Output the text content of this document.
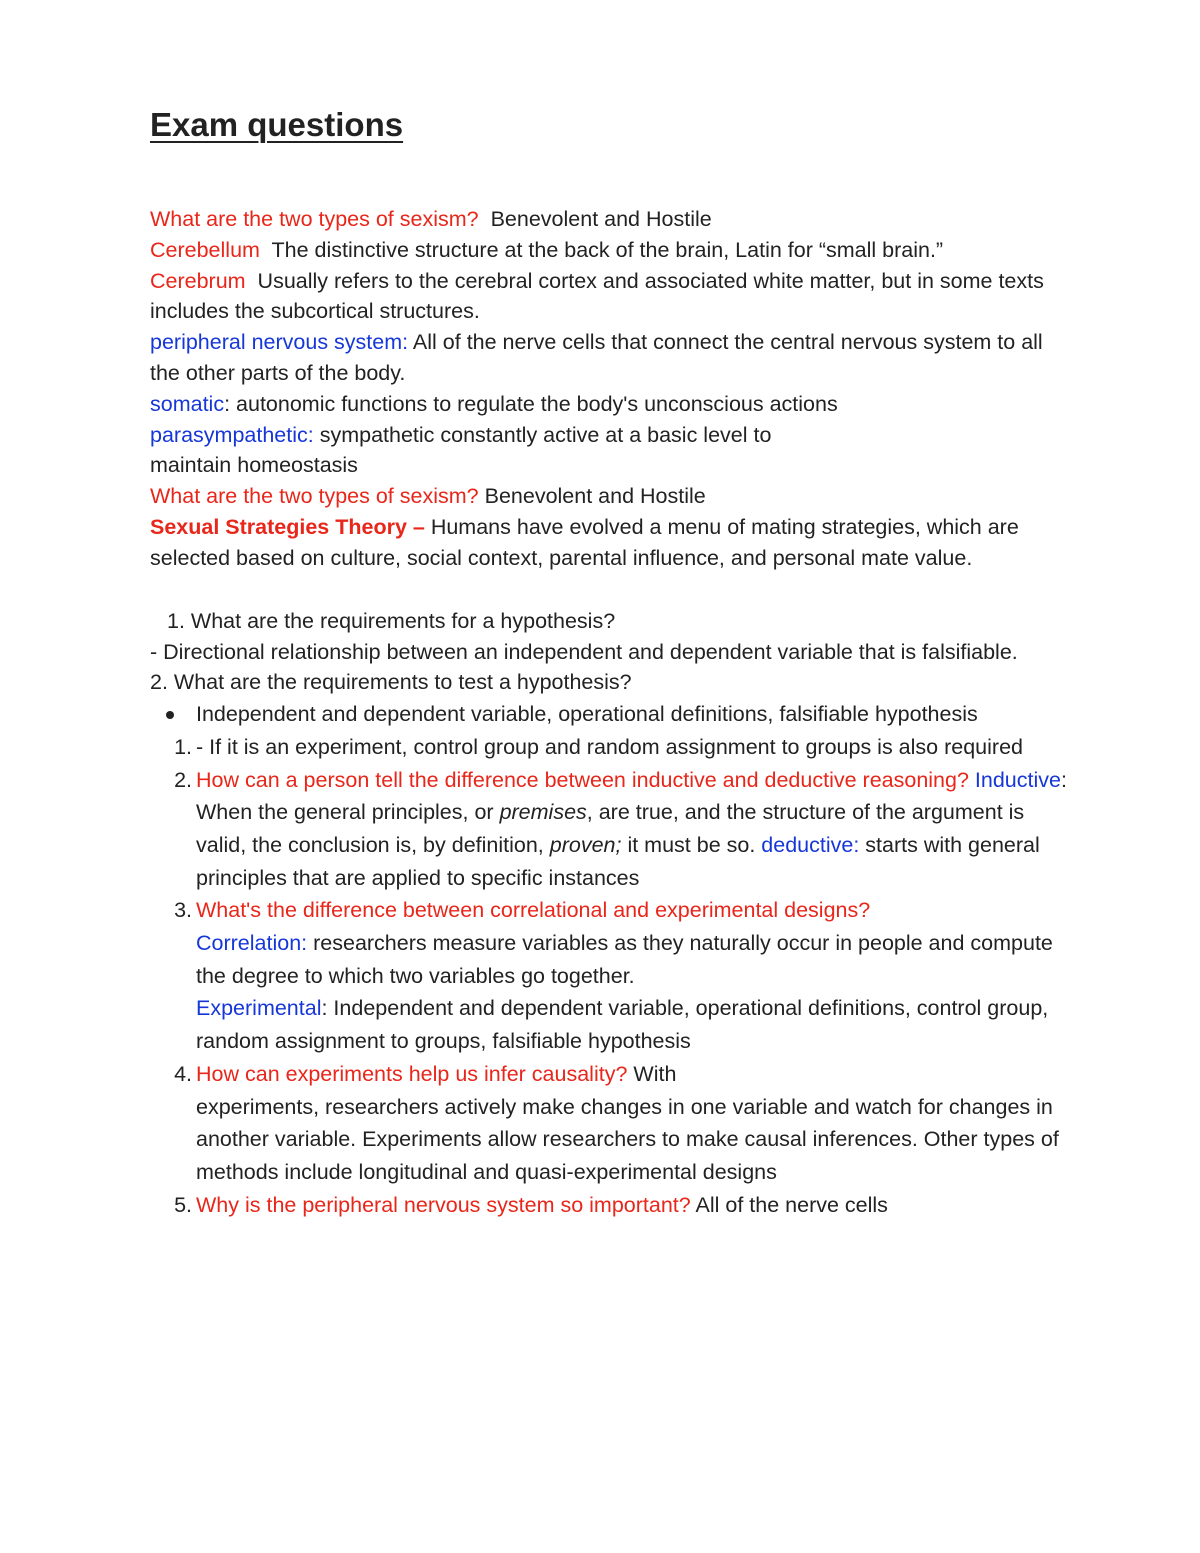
Exam questions

What are the two types of sexism? Benevolent and Hostile

Cerebellum The distinctive structure at the back of the brain, Latin for “small brain.”

Cerebrum Usually refers to the cerebral cortex and associated white matter, but in some texts includes the subcortical structures.

peripheral nervous system: All of the nerve cells that connect the central nervous system to all the other parts of the body.

somatic: autonomic functions to regulate the body's unconscious actions

parasympathetic: sympathetic constantly active at a basic level to
maintain homeostasis

What are the two types of sexism? Benevolent and Hostile

Sexual Strategies Theory – Humans have evolved a menu of mating strategies, which are selected based on culture, social context, parental influence, and personal mate value.

1. What are the requirements for a hypothesis?

- Directional relationship between an independent and dependent variable that is falsifiable.

2. What are the requirements to test a hypothesis?

Independent and dependent variable, operational definitions, falsifiable hypothesis
1. - If it is an experiment, control group and random assignment to groups is also required
2. How can a person tell the difference between inductive and deductive reasoning? Inductive: When the general principles, or premises, are true, and the structure of the argument is valid, the conclusion is, by definition, proven; it must be so. deductive: starts with general principles that are applied to specific instances
3. What's the difference between correlational and experimental designs?
Correlation: researchers measure variables as they naturally occur in people and compute the degree to which two variables go together.
Experimental: Independent and dependent variable, operational definitions, control group, random assignment to groups, falsifiable hypothesis
4. How can experiments help us infer causality? With
experiments, researchers actively make changes in one variable and watch for changes in another variable. Experiments allow researchers to make causal inferences. Other types of methods include longitudinal and quasi-experimental designs
5. Why is the peripheral nervous system so important? All of the nerve cells
